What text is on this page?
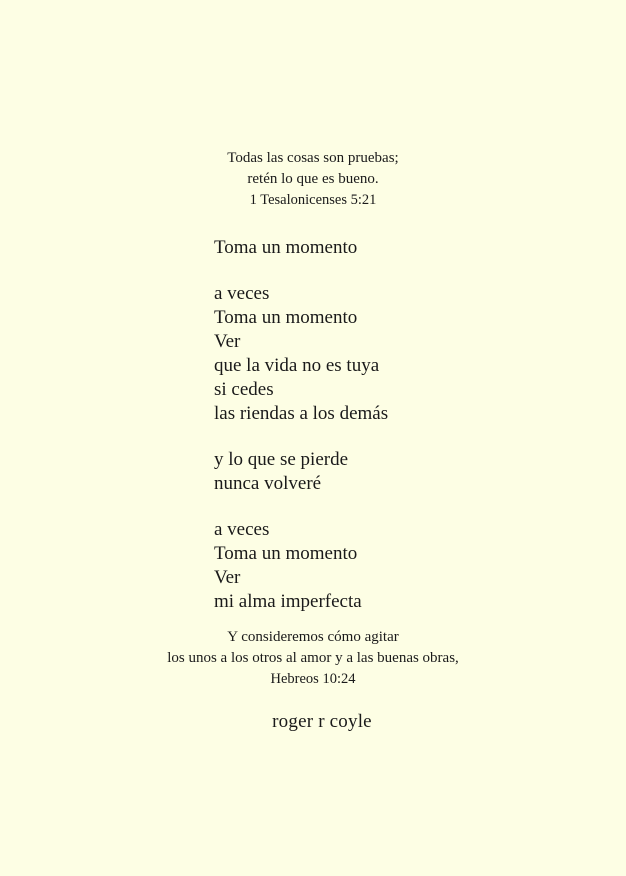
Todas las cosas son pruebas;
retén lo que es bueno.
1 Tesalonicenses 5:21
Toma un momento
a veces
Toma un momento
Ver
que la vida no es tuya
si cedes
las riendas a los demás
y lo que se pierde
nunca volveré
a veces
Toma un momento
Ver
mi alma imperfecta
Y consideremos cómo agitar
los unos a los otros al amor y a las buenas obras,
Hebreos 10:24
roger r coyle
